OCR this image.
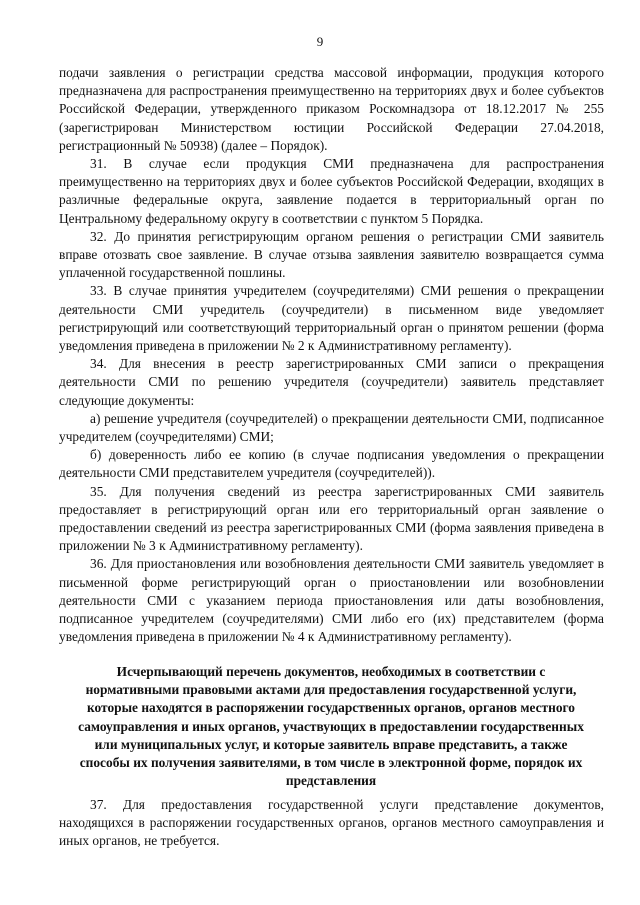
9

подачи заявления о регистрации средства массовой информации, продукция которого предназначена для распространения преимущественно на территориях двух и более субъектов Российской Федерации, утвержденного приказом Роскомнадзора от 18.12.2017 № 255 (зарегистрирован Министерством юстиции Российской Федерации 27.04.2018, регистрационный № 50938) (далее – Порядок).

31. В случае если продукция СМИ предназначена для распространения преимущественно на территориях двух и более субъектов Российской Федерации, входящих в различные федеральные округа, заявление подается в территориальный орган по Центральному федеральному округу в соответствии с пунктом 5 Порядка.

32. До принятия регистрирующим органом решения о регистрации СМИ заявитель вправе отозвать свое заявление. В случае отзыва заявления заявителю возвращается сумма уплаченной государственной пошлины.

33. В случае принятия учредителем (соучредителями) СМИ решения о прекращении деятельности СМИ учредитель (соучредители) в письменном виде уведомляет регистрирующий или соответствующий территориальный орган о принятом решении (форма уведомления приведена в приложении № 2 к Административному регламенту).

34. Для внесения в реестр зарегистрированных СМИ записи о прекращения деятельности СМИ по решению учредителя (соучредители) заявитель представляет следующие документы:

а) решение учредителя (соучредителей) о прекращении деятельности СМИ, подписанное учредителем (соучредителями) СМИ;

б) доверенность либо ее копию (в случае подписания уведомления о прекращении деятельности СМИ представителем учредителя (соучредителей)).

35. Для получения сведений из реестра зарегистрированных СМИ заявитель предоставляет в регистрирующий орган или его территориальный орган заявление о предоставлении сведений из реестра зарегистрированных СМИ (форма заявления приведена в приложении № 3 к Административному регламенту).

36. Для приостановления или возобновления деятельности СМИ заявитель уведомляет в письменной форме регистрирующий орган о приостановлении или возобновлении деятельности СМИ с указанием периода приостановления или даты возобновления, подписанное учредителем (соучредителями) СМИ либо его (их) представителем (форма уведомления приведена в приложении № 4 к Административному регламенту).

Исчерпывающий перечень документов, необходимых в соответствии с нормативными правовыми актами для предоставления государственной услуги, которые находятся в распоряжении государственных органов, органов местного самоуправления и иных органов, участвующих в предоставлении государственных или муниципальных услуг, и которые заявитель вправе представить, а также способы их получения заявителями, в том числе в электронной форме, порядок их представления

37. Для предоставления государственной услуги представление документов, находящихся в распоряжении государственных органов, органов местного самоуправления и иных органов, не требуется.
